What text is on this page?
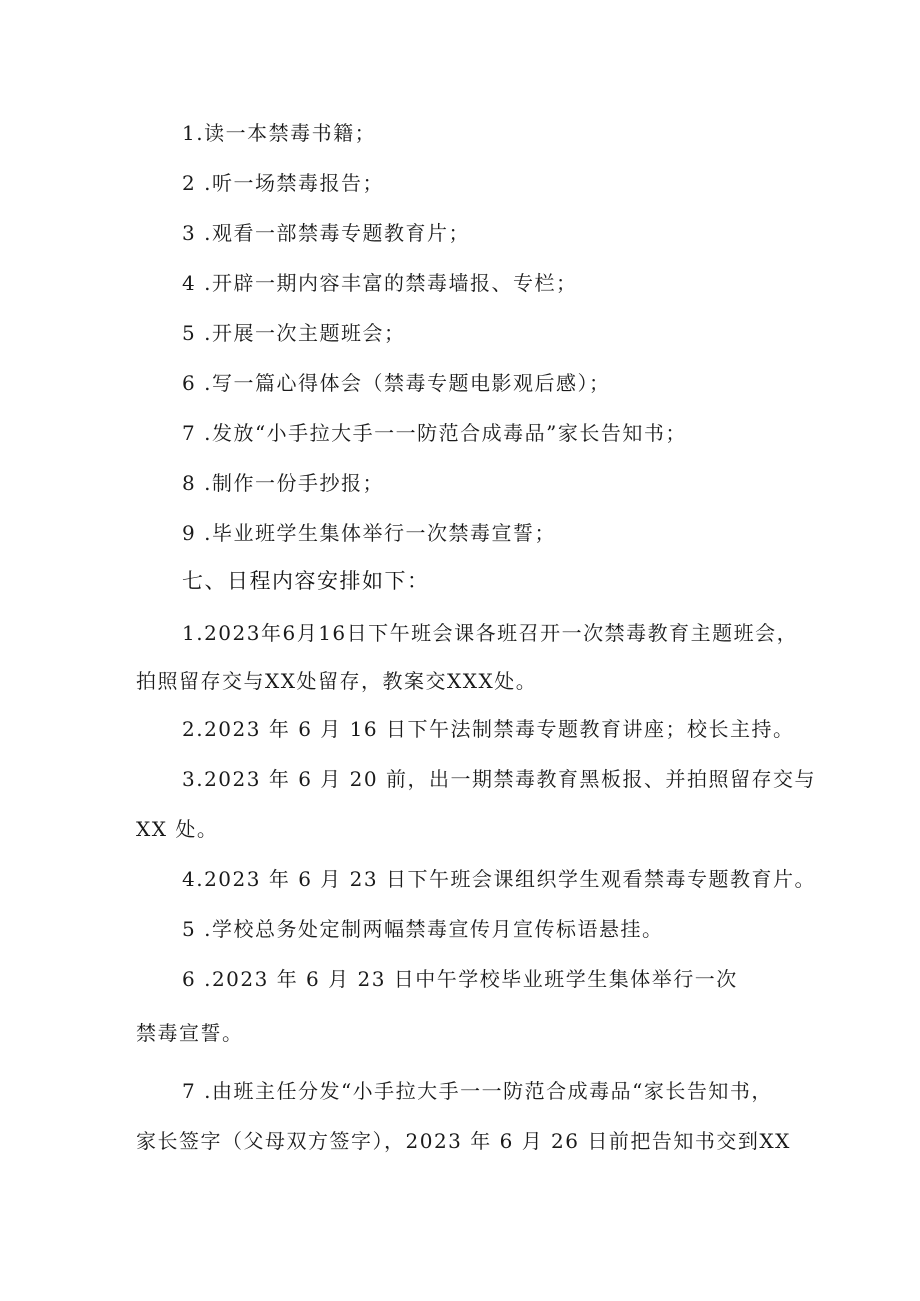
1.读一本禁毒书籍；
2 .听一场禁毒报告；
3 .观看一部禁毒专题教育片；
4 .开辟一期内容丰富的禁毒墙报、专栏；
5 .开展一次主题班会；
6 .写一篇心得体会（禁毒专题电影观后感）；
7 .发放“小手拉大手一一防范合成毒品”家长告知书；
8 .制作一份手抄报；
9 .毕业班学生集体举行一次禁毒宣誓；
七、日程内容安排如下：
1.2023年6月16日下午班会课各班召开一次禁毒教育主题班会，
拍照留存交与XX处留存，教案交XXX处。
2.2023 年 6 月 16 日下午法制禁毒专题教育讲座；校长主持。
3.2023 年 6 月 20 前，出一期禁毒教育黑板报、并拍照留存交与
XX 处。
4.2023 年 6 月 23 日下午班会课组织学生观看禁毒专题教育片。
5 .学校总务处定制两幅禁毒宣传月宣传标语悬挂。
6 .2023 年 6 月 23 日中午学校毕业班学生集体举行一次
禁毒宣誓。
7 .由班主任分发“小手拉大手一一防范合成毒品“家长告知书，
家长签字（父母双方签字），2023 年 6 月 26 日前把告知书交到XX
